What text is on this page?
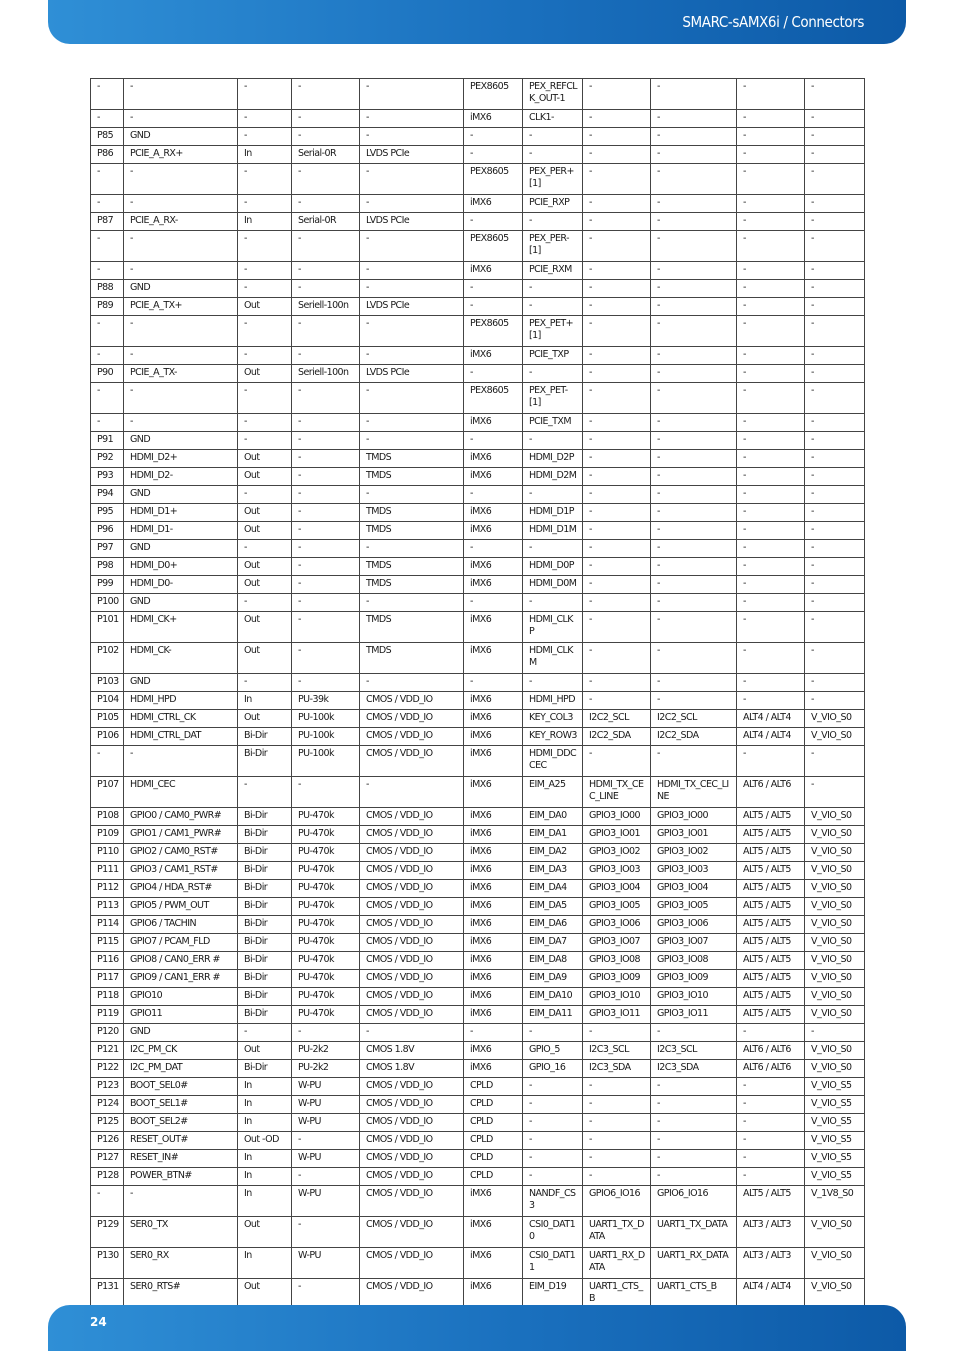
SMARC-sAMX6i / Connectors
-	-	-	-	-	PEX8605	PEX_REFCLK_OUT-1	-	-	-	-
-	-	-	-	-	iMX6	CLK1-	-	-	-	-
P85	GND	-	-	-	-	-	-	-	-	-
P86	PCIE_A_RX+	In	Serial-0R	LVDS PCIe	-	-	-	-	-	-
-	-	-	-	-	PEX8605	PEX_PER+[1]	-	-	-	-
-	-	-	-	-	iMX6	PCIE_RXP	-	-	-	-
P87	PCIE_A_RX-	In	Serial-0R	LVDS PCIe	-	-	-	-	-	-
-	-	-	-	-	PEX8605	PEX_PER-[1]	-	-	-	-
-	-	-	-	-	iMX6	PCIE_RXM	-	-	-	-
P88	GND	-	-	-	-	-	-	-	-	-
P89	PCIE_A_TX+	Out	Seriell-100n	LVDS PCIe	-	-	-	-	-	-
-	-	-	-	-	PEX8605	PEX_PET+[1]	-	-	-	-
-	-	-	-	-	iMX6	PCIE_TXP	-	-	-	-
P90	PCIE_A_TX-	Out	Seriell-100n	LVDS PCIe	-	-	-	-	-	-
-	-	-	-	-	PEX8605	PEX_PET-[1]	-	-	-	-
-	-	-	-	-	iMX6	PCIE_TXM	-	-	-	-
P91	GND	-	-	-	-	-	-	-	-	-
P92	HDMI_D2+	Out	-	TMDS	iMX6	HDMI_D2P	-	-	-	-
P93	HDMI_D2-	Out	-	TMDS	iMX6	HDMI_D2M	-	-	-	-
P94	GND	-	-	-	-	-	-	-	-	-
P95	HDMI_D1+	Out	-	TMDS	iMX6	HDMI_D1P	-	-	-	-
P96	HDMI_D1-	Out	-	TMDS	iMX6	HDMI_D1M	-	-	-	-
P97	GND	-	-	-	-	-	-	-	-	-
P98	HDMI_D0+	Out	-	TMDS	iMX6	HDMI_D0P	-	-	-	-
P99	HDMI_D0-	Out	-	TMDS	iMX6	HDMI_D0M	-	-	-	-
P100	GND	-	-	-	-	-	-	-	-	-
P101	HDMI_CK+	Out	-	TMDS	iMX6	HDMI_CLKP	-	-	-	-
P102	HDMI_CK-	Out	-	TMDS	iMX6	HDMI_CLKM	-	-	-	-
P103	GND	-	-	-	-	-	-	-	-	-
P104	HDMI_HPD	In	PU-39k	CMOS / VDD_IO	iMX6	HDMI_HPD	-	-	-	-
P105	HDMI_CTRL_CK	Out	PU-100k	CMOS / VDD_IO	iMX6	KEY_COL3	I2C2_SCL	I2C2_SCL	ALT4 / ALT4	V_VIO_S0
P106	HDMI_CTRL_DAT	Bi-Dir	PU-100k	CMOS / VDD_IO	iMX6	KEY_ROW3	I2C2_SDA	I2C2_SDA	ALT4 / ALT4	V_VIO_S0
-	-	Bi-Dir	PU-100k	CMOS / VDD_IO	iMX6	HDMI_DDCCEC	-	-	-	-
P107	HDMI_CEC	-	-	-	iMX6	EIM_A25	HDMI_TX_CEC_LINE	HDMI_TX_CEC_LINE	ALT6 / ALT6	-
P108	GPIO0 / CAM0_PWR#	Bi-Dir	PU-470k	CMOS / VDD_IO	iMX6	EIM_DA0	GPIO3_IO00	GPIO3_IO00	ALT5 / ALT5	V_VIO_S0
P109	GPIO1 / CAM1_PWR#	Bi-Dir	PU-470k	CMOS / VDD_IO	iMX6	EIM_DA1	GPIO3_IO01	GPIO3_IO01	ALT5 / ALT5	V_VIO_S0
P110	GPIO2 / CAM0_RST#	Bi-Dir	PU-470k	CMOS / VDD_IO	iMX6	EIM_DA2	GPIO3_IO02	GPIO3_IO02	ALT5 / ALT5	V_VIO_S0
P111	GPIO3 / CAM1_RST#	Bi-Dir	PU-470k	CMOS / VDD_IO	iMX6	EIM_DA3	GPIO3_IO03	GPIO3_IO03	ALT5 / ALT5	V_VIO_S0
P112	GPIO4 / HDA_RST#	Bi-Dir	PU-470k	CMOS / VDD_IO	iMX6	EIM_DA4	GPIO3_IO04	GPIO3_IO04	ALT5 / ALT5	V_VIO_S0
P113	GPIO5 / PWM_OUT	Bi-Dir	PU-470k	CMOS / VDD_IO	iMX6	EIM_DA5	GPIO3_IO05	GPIO3_IO05	ALT5 / ALT5	V_VIO_S0
P114	GPIO6 / TACHIN	Bi-Dir	PU-470k	CMOS / VDD_IO	iMX6	EIM_DA6	GPIO3_IO06	GPIO3_IO06	ALT5 / ALT5	V_VIO_S0
P115	GPIO7 / PCAM_FLD	Bi-Dir	PU-470k	CMOS / VDD_IO	iMX6	EIM_DA7	GPIO3_IO07	GPIO3_IO07	ALT5 / ALT5	V_VIO_S0
P116	GPIO8 / CAN0_ERR #	Bi-Dir	PU-470k	CMOS / VDD_IO	iMX6	EIM_DA8	GPIO3_IO08	GPIO3_IO08	ALT5 / ALT5	V_VIO_S0
P117	GPIO9 / CAN1_ERR #	Bi-Dir	PU-470k	CMOS / VDD_IO	iMX6	EIM_DA9	GPIO3_IO09	GPIO3_IO09	ALT5 / ALT5	V_VIO_S0
P118	GPIO10	Bi-Dir	PU-470k	CMOS / VDD_IO	iMX6	EIM_DA10	GPIO3_IO10	GPIO3_IO10	ALT5 / ALT5	V_VIO_S0
P119	GPIO11	Bi-Dir	PU-470k	CMOS / VDD_IO	iMX6	EIM_DA11	GPIO3_IO11	GPIO3_IO11	ALT5 / ALT5	V_VIO_S0
P120	GND	-	-	-	-	-	-	-	-	-
P121	I2C_PM_CK	Out	PU-2k2	CMOS 1.8V	iMX6	GPIO_5	I2C3_SCL	I2C3_SCL	ALT6 / ALT6	V_VIO_S0
P122	I2C_PM_DAT	Bi-Dir	PU-2k2	CMOS 1.8V	iMX6	GPIO_16	I2C3_SDA	I2C3_SDA	ALT6 / ALT6	V_VIO_S0
P123	BOOT_SEL0#	In	W-PU	CMOS / VDD_IO	CPLD	-	-	-	-	V_VIO_S5
P124	BOOT_SEL1#	In	W-PU	CMOS / VDD_IO	CPLD	-	-	-	-	V_VIO_S5
P125	BOOT_SEL2#	In	W-PU	CMOS / VDD_IO	CPLD	-	-	-	-	V_VIO_S5
P126	RESET_OUT#	Out -OD	-	CMOS / VDD_IO	CPLD	-	-	-	-	V_VIO_S5
P127	RESET_IN#	In	W-PU	CMOS / VDD_IO	CPLD	-	-	-	-	V_VIO_S5
P128	POWER_BTN#	In	-	CMOS / VDD_IO	CPLD	-	-	-	-	V_VIO_S5
-	-	In	W-PU	CMOS / VDD_IO	iMX6	NANDF_CS3	GPIO6_IO16	GPIO6_IO16	ALT5 / ALT5	V_1V8_S0
P129	SER0_TX	Out	-	CMOS / VDD_IO	iMX6	CSI0_DAT10	UART1_TX_DATA	UART1_TX_DATA	ALT3 / ALT3	V_VIO_S0
P130	SER0_RX	In	W-PU	CMOS / VDD_IO	iMX6	CSI0_DAT11	UART1_RX_DATA	UART1_RX_DATA	ALT3 / ALT3	V_VIO_S0
P131	SER0_RTS#	Out	-	CMOS / VDD_IO	iMX6	EIM_D19	UART1_CTS_B	UART1_CTS_B	ALT4 / ALT4	V_VIO_S0
24
